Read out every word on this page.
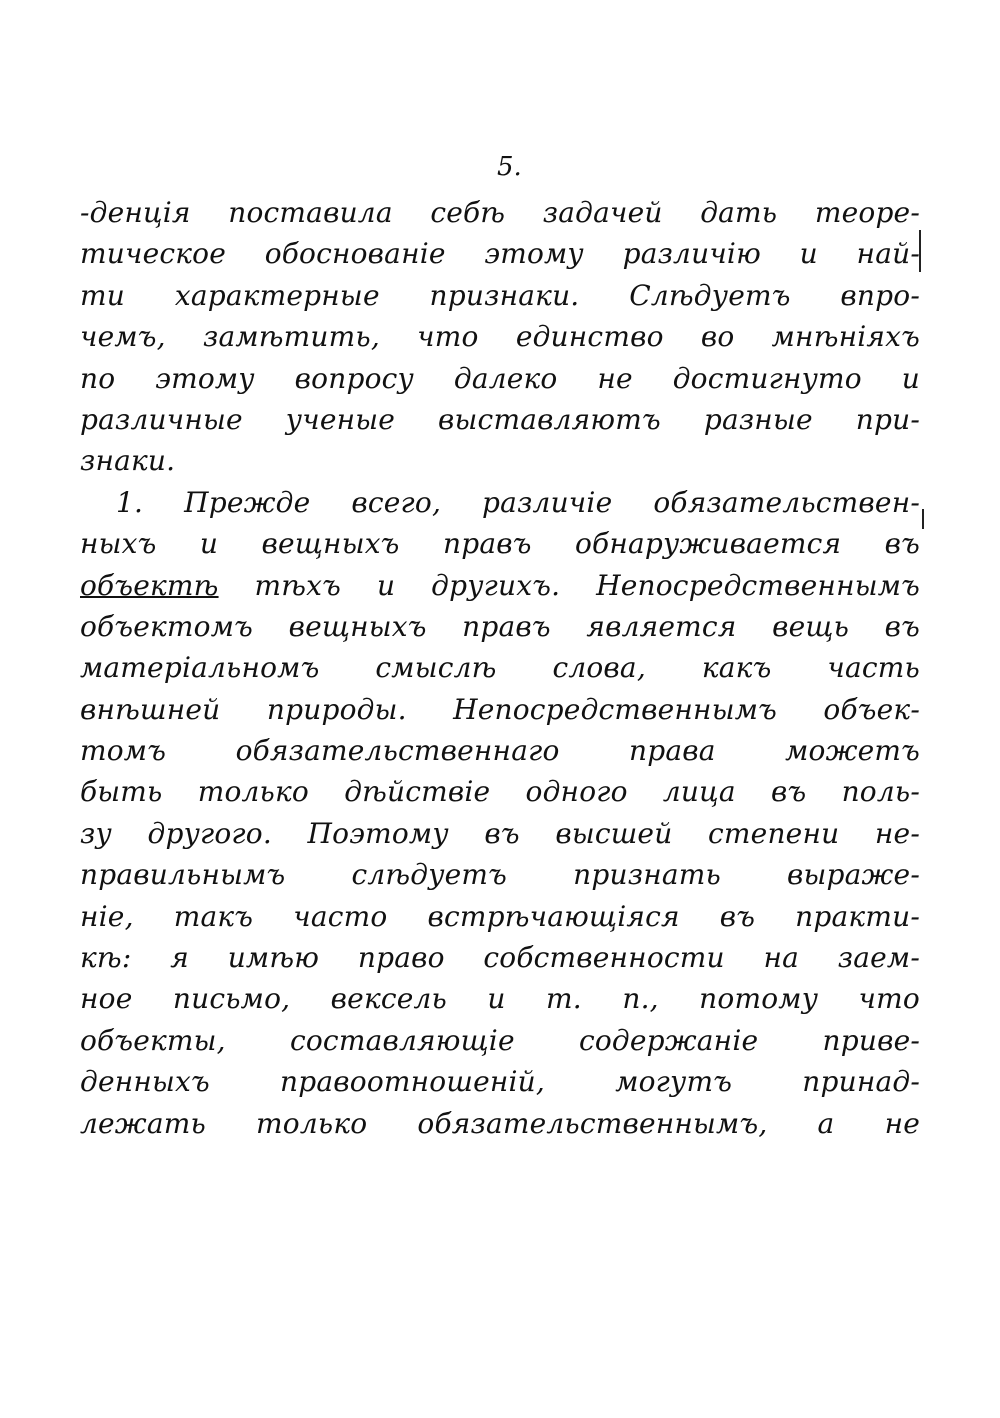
5.
-денція поставила себѣ задачей дать теоре-
тическое обоснованіе этому различію и най-
ти характерные признаки. Слѣдуетъ впро-
чемъ, замѣтить, что единство во мнѣніяхъ
по этому вопросу далеко не достигнуто и
различные ученые выставляютъ разные при-
знаки.
1. Прежде всего, различіе обязательствен-
ныхъ и вещныхъ правъ обнаруживается въ
объектѣ тѣхъ и другихъ. Непосредственнымъ
объектомъ вещныхъ правъ является вещь въ
матеріальномъ смыслѣ слова, какъ часть
внѣшней природы. Непосредственнымъ объек-
томъ обязательственнаго права можетъ
быть только дѣйствіе одного лица въ поль-
зу другого. Поэтому въ высшей степени не-
правильнымъ слѣдуетъ признать выраже-
ніе, такъ часто встрѣчающіяся въ практи-
кѣ: я имѣю право собственности на заем-
ное письмо, вексель и т. п., потому что
объекты, составляющіе содержаніе приве-
денныхъ правоотношеній, могутъ принад-
лежать только обязательственнымъ, а не
